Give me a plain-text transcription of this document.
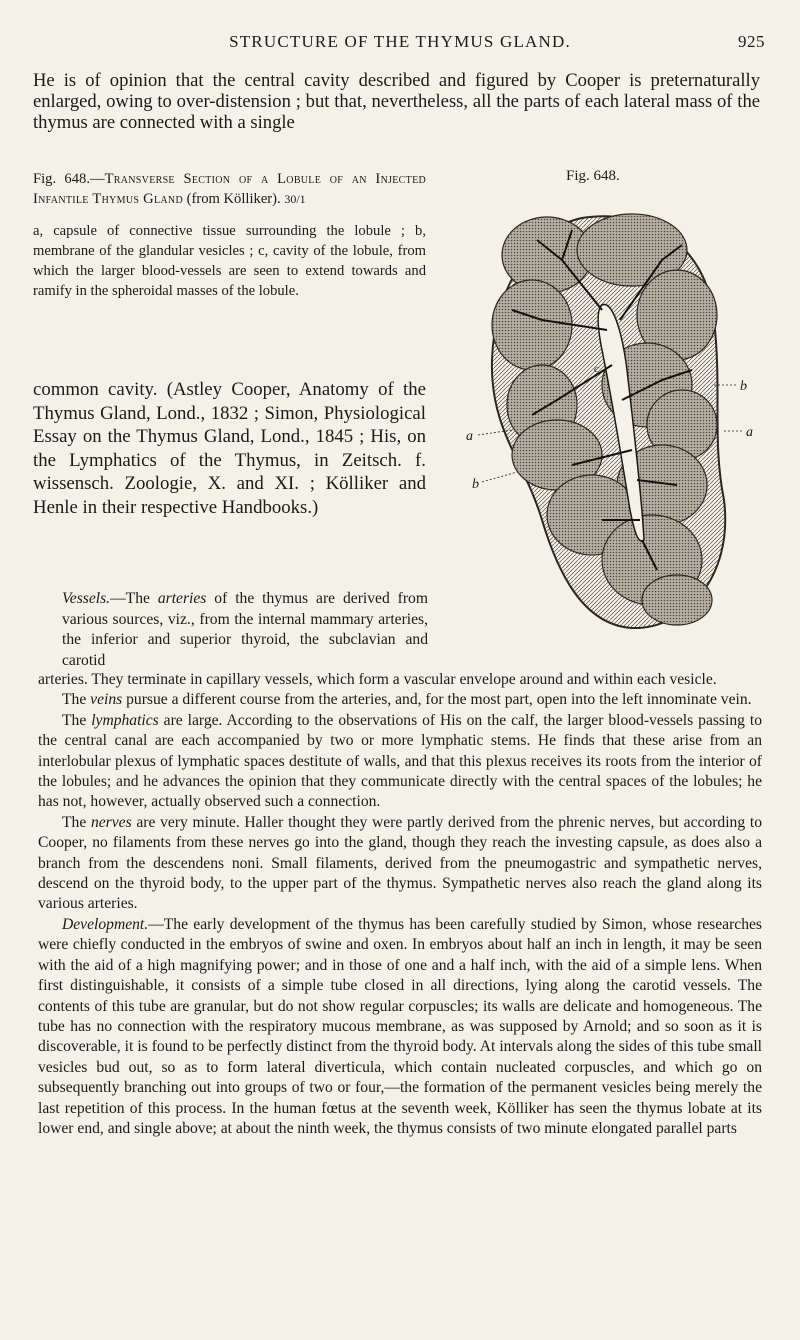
STRUCTURE OF THE THYMUS GLAND.	925
He is of opinion that the central cavity described and figured by Cooper is preternaturally enlarged, owing to over-distension ; but that, nevertheless, all the parts of each lateral mass of the thymus are connected with a single
Fig. 648.—Transverse Section of a Lobule of an Injected Infantile Thymus Gland (from Kölliker). 30/1
a, capsule of connective tissue surrounding the lobule ; b, membrane of the glandular vesicles ; c, cavity of the lobule, from which the larger blood-vessels are seen to extend towards and ramify in the spheroidal masses of the lobule.
Fig. 648.
a
b
b
a
c
common cavity. (Astley Cooper, Anatomy of the Thymus Gland, Lond., 1832 ; Simon, Physiological Essay on the Thymus Gland, Lond., 1845 ; His, on the Lymphatics of the Thymus, in Zeitsch. f. wissensch. Zoologie, X. and XI. ; Kölliker and Henle in their respective Handbooks.)
Vessels.—The arteries of the thymus are derived from various sources, viz., from the internal mammary arteries, the inferior and superior thyroid, the subclavian and carotid

arteries. They terminate in capillary vessels, which form a vascular envelope around and within each vesicle.

The veins pursue a different course from the arteries, and, for the most part, open into the left innominate vein.

The lymphatics are large. According to the observations of His on the calf, the larger blood-vessels passing to the central canal are each accompanied by two or more lymphatic stems. He finds that these arise from an interlobular plexus of lymphatic spaces destitute of walls, and that this plexus receives its roots from the interior of the lobules; and he advances the opinion that they communicate directly with the central spaces of the lobules; he has not, however, actually observed such a connection.

The nerves are very minute. Haller thought they were partly derived from the phrenic nerves, but according to Cooper, no filaments from these nerves go into the gland, though they reach the investing capsule, as does also a branch from the descendens noni. Small filaments, derived from the pneumogastric and sympathetic nerves, descend on the thyroid body, to the upper part of the thymus. Sympathetic nerves also reach the gland along its various arteries.

Development.—The early development of the thymus has been carefully studied by Simon, whose researches were chiefly conducted in the embryos of swine and oxen. In embryos about half an inch in length, it may be seen with the aid of a high magnifying power; and in those of one and a half inch, with the aid of a simple lens. When first distinguishable, it consists of a simple tube closed in all directions, lying along the carotid vessels. The contents of this tube are granular, but do not show regular corpuscles; its walls are delicate and homogeneous. The tube has no connection with the respiratory mucous membrane, as was supposed by Arnold; and so soon as it is discoverable, it is found to be perfectly distinct from the thyroid body. At intervals along the sides of this tube small vesicles bud out, so as to form lateral diverticula, which contain nucleated corpuscles, and which go on subsequently branching out into groups of two or four,—the formation of the permanent vesicles being merely the last repetition of this process. In the human fœtus at the seventh week, Kölliker has seen the thymus lobate at its lower end, and single above; at about the ninth week, the thymus consists of two minute elongated parallel parts
